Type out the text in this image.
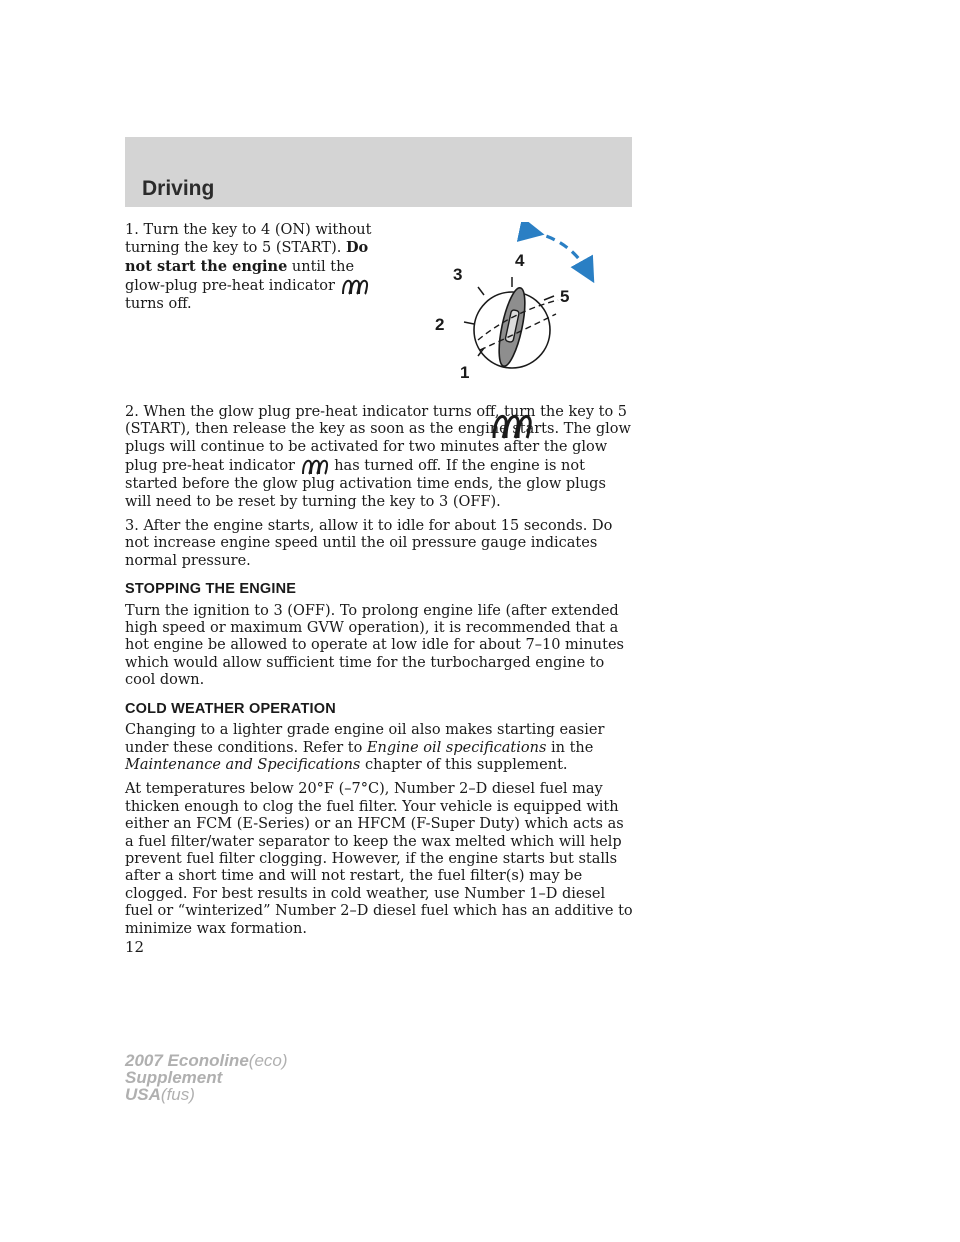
Driving

1. Turn the key to 4 (ON) without turning the key to 5 (START). Do not start the engine until the glow-plug pre-heat indicator  turns off.

1
2
3
4
5

2. When the glow plug pre-heat indicator turns off, turn the key to 5 (START), then release the key as soon as the engine starts. The glow plugs will continue to be activated for two minutes after the glow plug pre-heat indicator  has turned off. If the engine is not started before the glow plug activation time ends, the glow plugs will need to be reset by turning the key to 3 (OFF).

3. After the engine starts, allow it to idle for about 15 seconds. Do not increase engine speed until the oil pressure gauge indicates normal pressure.

STOPPING THE ENGINE

Turn the ignition to 3 (OFF). To prolong engine life (after extended high speed or maximum GVW operation), it is recommended that a hot engine be allowed to operate at low idle for about 7–10 minutes which would allow sufficient time for the turbocharged engine to cool down.

COLD WEATHER OPERATION

Changing to a lighter grade engine oil also makes starting easier under these conditions. Refer to Engine oil specifications in the Maintenance and Specifications chapter of this supplement.

At temperatures below 20°F (–7°C), Number 2–D diesel fuel may thicken enough to clog the fuel filter. Your vehicle is equipped with either an FCM (E-Series) or an HFCM (F-Super Duty) which acts as a fuel filter/water separator to keep the wax melted which will help prevent fuel filter clogging. However, if the engine starts but stalls after a short time and will not restart, the fuel filter(s) may be clogged. For best results in cold weather, use Number 1–D diesel fuel or “winterized” Number 2–D diesel fuel which has an additive to minimize wax formation.

12

2007 Econoline(eco)
Supplement
USA(fus)
